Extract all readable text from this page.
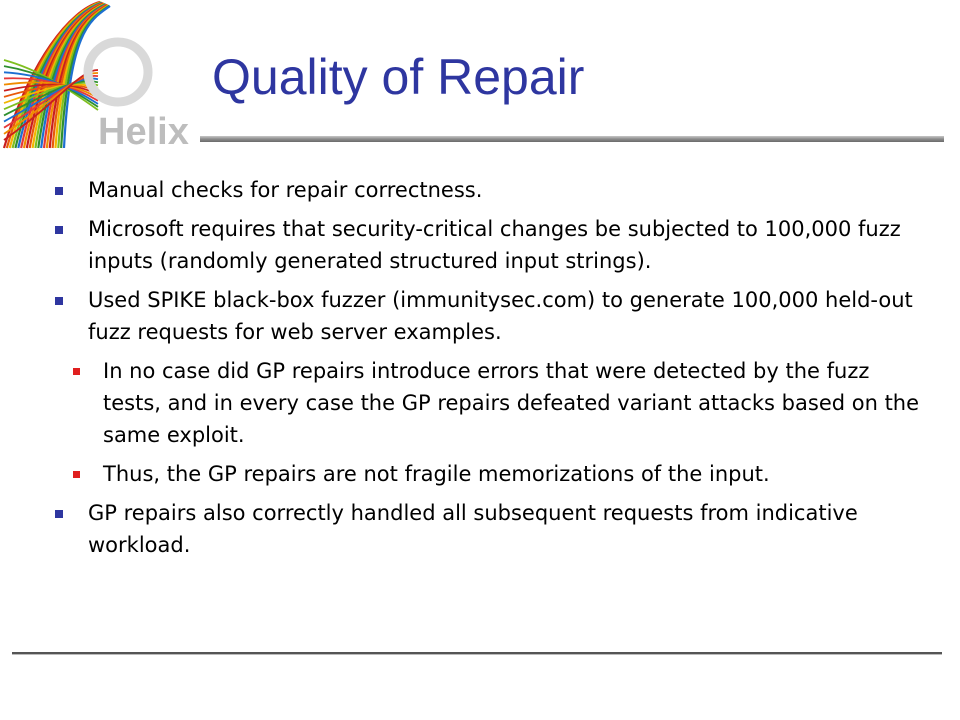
Helix
Quality of Repair
Manual checks for repair correctness.
Microsoft requires that security-critical changes be subjected to 100,000 fuzz inputs (randomly generated structured input strings).
Used SPIKE black-box fuzzer (immunitysec.com) to generate 100,000 held-out fuzz requests for web server examples.
In no case did GP repairs introduce errors that were detected by the fuzz tests, and in every case the GP repairs defeated variant attacks based on the same exploit.
Thus, the GP repairs are not fragile memorizations of the input.
GP repairs also correctly handled all subsequent requests from indicative workload.
